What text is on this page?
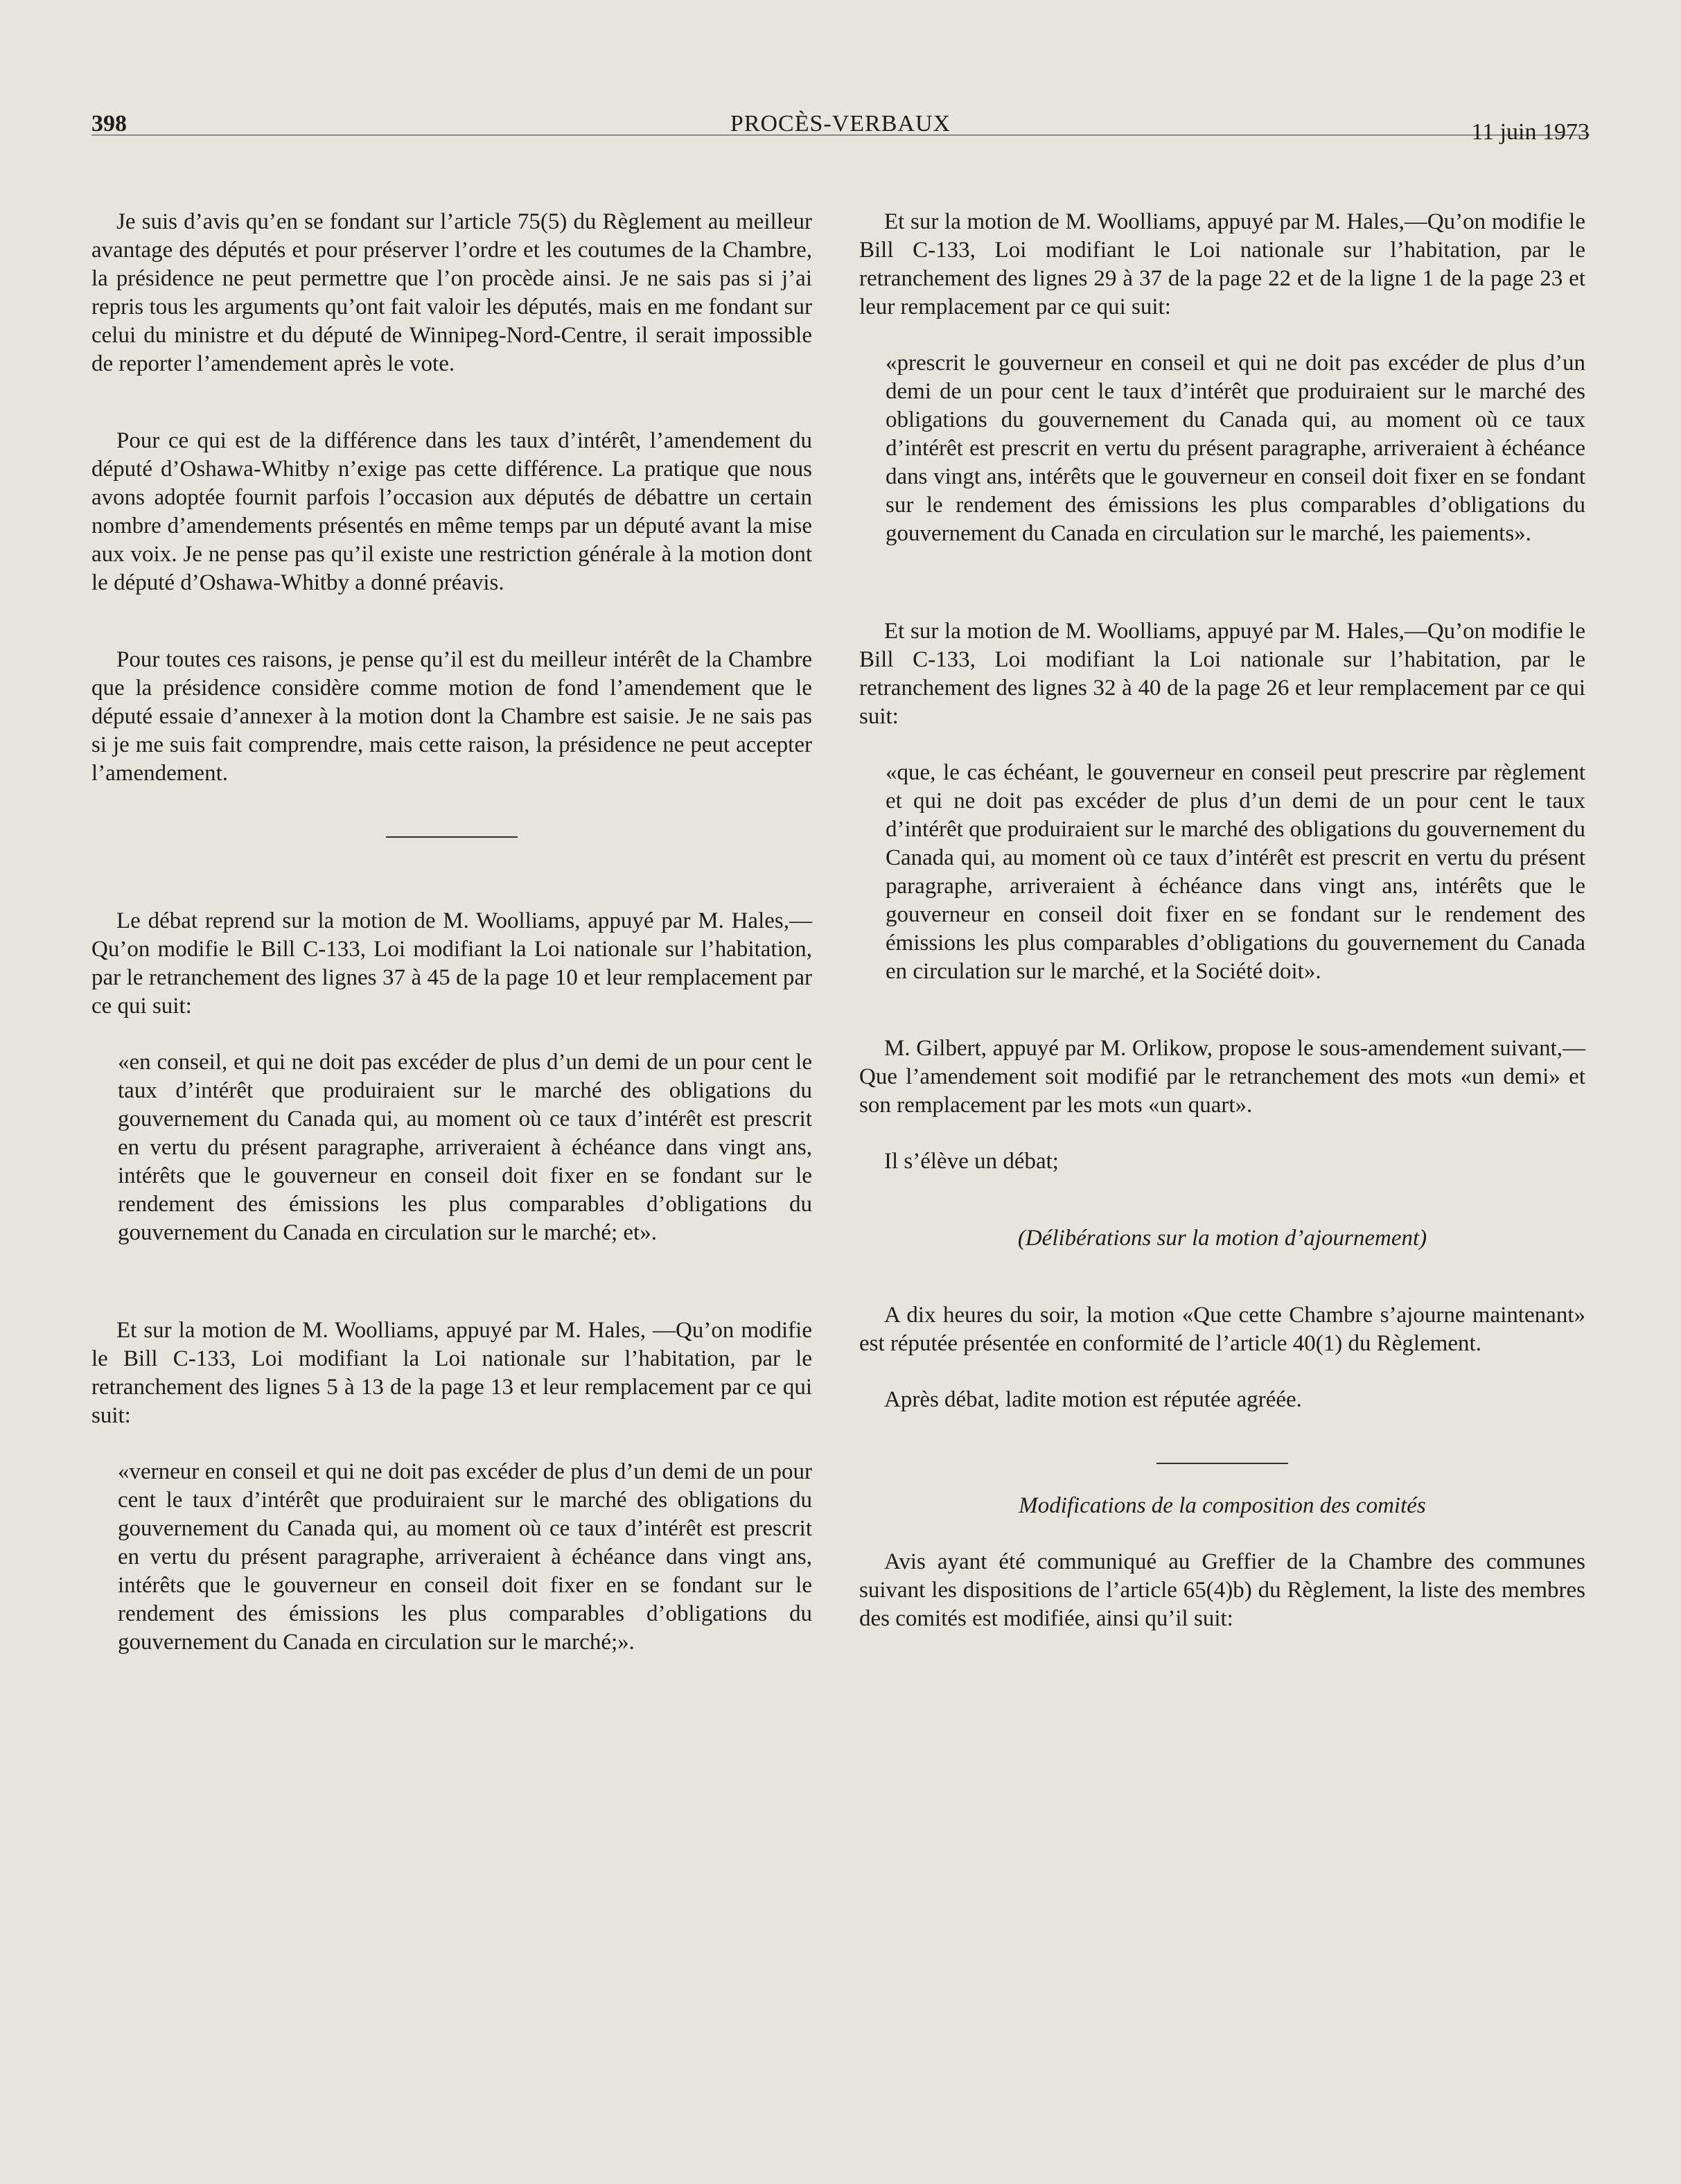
398	PROCÈS-VERBAUX	11 juin 1973

Je suis d’avis qu’en se fondant sur l’article 75(5) du Règlement au meilleur avantage des députés et pour préserver l’ordre et les coutumes de la Chambre, la présidence ne peut permettre que l’on procède ainsi. Je ne sais pas si j’ai repris tous les arguments qu’ont fait valoir les députés, mais en me fondant sur celui du ministre et du député de Winnipeg-Nord-Centre, il serait impossible de reporter l’amendement après le vote.

Pour ce qui est de la différence dans les taux d’intérêt, l’amendement du député d’Oshawa-Whitby n’exige pas cette différence. La pratique que nous avons adoptée fournit parfois l’occasion aux députés de débattre un certain nombre d’amendements présentés en même temps par un député avant la mise aux voix. Je ne pense pas qu’il existe une restriction générale à la motion dont le député d’Oshawa-Whitby a donné préavis.

Pour toutes ces raisons, je pense qu’il est du meilleur intérêt de la Chambre que la présidence considère comme motion de fond l’amendement que le député essaie d’annexer à la motion dont la Chambre est saisie. Je ne sais pas si je me suis fait comprendre, mais cette raison, la présidence ne peut accepter l’amendement.

Le débat reprend sur la motion de M. Woolliams, appuyé par M. Hales,—Qu’on modifie le Bill C-133, Loi modifiant la Loi nationale sur l’habitation, par le retranchement des lignes 37 à 45 de la page 10 et leur remplacement par ce qui suit:

«en conseil, et qui ne doit pas excéder de plus d’un demi de un pour cent le taux d’intérêt que produiraient sur le marché des obligations du gouvernement du Canada qui, au moment où ce taux d’intérêt est prescrit en vertu du présent paragraphe, arriveraient à échéance dans vingt ans, intérêts que le gouverneur en conseil doit fixer en se fondant sur le rendement des émissions les plus comparables d’obligations du gouvernement du Canada en circulation sur le marché; et».

Et sur la motion de M. Woolliams, appuyé par M. Hales, —Qu’on modifie le Bill C-133, Loi modifiant la Loi nationale sur l’habitation, par le retranchement des lignes 5 à 13 de la page 13 et leur remplacement par ce qui suit:

«verneur en conseil et qui ne doit pas excéder de plus d’un demi de un pour cent le taux d’intérêt que produiraient sur le marché des obligations du gouvernement du Canada qui, au moment où ce taux d’intérêt est prescrit en vertu du présent paragraphe, arriveraient à échéance dans vingt ans, intérêts que le gouverneur en conseil doit fixer en se fondant sur le rendement des émissions les plus comparables d’obligations du gouvernement du Canada en circulation sur le marché;».

Et sur la motion de M. Woolliams, appuyé par M. Hales,—Qu’on modifie le Bill C-133, Loi modifiant le Loi nationale sur l’habitation, par le retranchement des lignes 29 à 37 de la page 22 et de la ligne 1 de la page 23 et leur remplacement par ce qui suit:

«prescrit le gouverneur en conseil et qui ne doit pas excéder de plus d’un demi de un pour cent le taux d’intérêt que produiraient sur le marché des obligations du gouvernement du Canada qui, au moment où ce taux d’intérêt est prescrit en vertu du présent paragraphe, arriveraient à échéance dans vingt ans, intérêts que le gouverneur en conseil doit fixer en se fondant sur le rendement des émissions les plus comparables d’obligations du gouvernement du Canada en circulation sur le marché, les paiements».

Et sur la motion de M. Woolliams, appuyé par M. Hales,—Qu’on modifie le Bill C-133, Loi modifiant la Loi nationale sur l’habitation, par le retranchement des lignes 32 à 40 de la page 26 et leur remplacement par ce qui suit:

«que, le cas échéant, le gouverneur en conseil peut prescrire par règlement et qui ne doit pas excéder de plus d’un demi de un pour cent le taux d’intérêt que produiraient sur le marché des obligations du gouvernement du Canada qui, au moment où ce taux d’intérêt est prescrit en vertu du présent paragraphe, arriveraient à échéance dans vingt ans, intérêts que le gouverneur en conseil doit fixer en se fondant sur le rendement des émissions les plus comparables d’obligations du gouvernement du Canada en circulation sur le marché, et la Société doit».

M. Gilbert, appuyé par M. Orlikow, propose le sous-amendement suivant,—Que l’amendement soit modifié par le retranchement des mots «un demi» et son remplacement par les mots «un quart».

Il s’élève un débat;

(Délibérations sur la motion d’ajournement)

A dix heures du soir, la motion «Que cette Chambre s’ajourne maintenant» est réputée présentée en conformité de l’article 40(1) du Règlement.

Après débat, ladite motion est réputée agréée.

Modifications de la composition des comités

Avis ayant été communiqué au Greffier de la Chambre des communes suivant les dispositions de l’article 65(4)b) du Règlement, la liste des membres des comités est modifiée, ainsi qu’il suit:
